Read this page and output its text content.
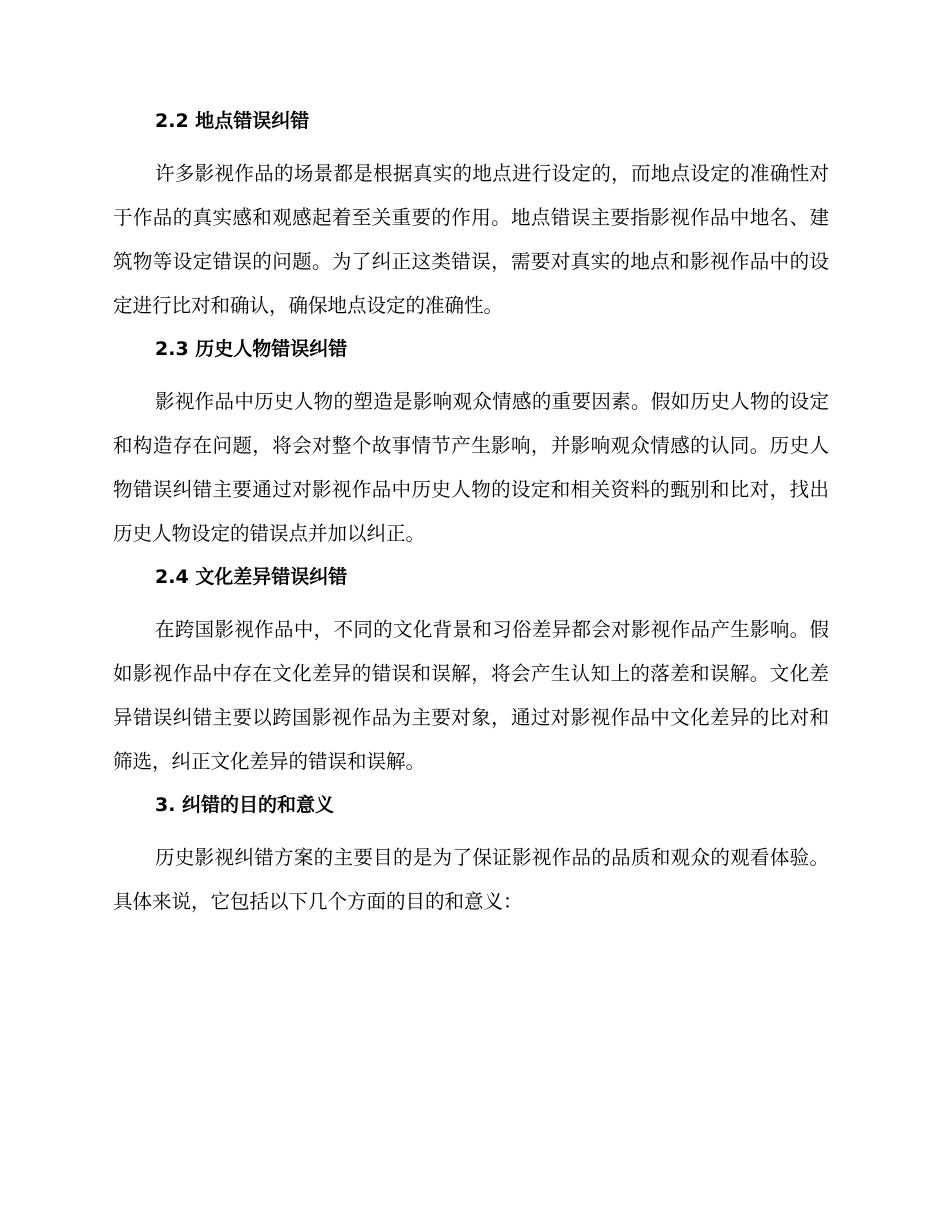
2.2 地点错误纠错

许多影视作品的场景都是根据真实的地点进行设定的，而地点设定的准确性对于作品的真实感和观感起着至关重要的作用。地点错误主要指影视作品中地名、建筑物等设定错误的问题。为了纠正这类错误，需要对真实的地点和影视作品中的设定进行比对和确认，确保地点设定的准确性。

2.3 历史人物错误纠错

影视作品中历史人物的塑造是影响观众情感的重要因素。假如历史人物的设定和构造存在问题，将会对整个故事情节产生影响，并影响观众情感的认同。历史人物错误纠错主要通过对影视作品中历史人物的设定和相关资料的甄别和比对，找出历史人物设定的错误点并加以纠正。

2.4 文化差异错误纠错

在跨国影视作品中，不同的文化背景和习俗差异都会对影视作品产生影响。假如影视作品中存在文化差异的错误和误解，将会产生认知上的落差和误解。文化差异错误纠错主要以跨国影视作品为主要对象，通过对影视作品中文化差异的比对和筛选，纠正文化差异的错误和误解。

3. 纠错的目的和意义

历史影视纠错方案的主要目的是为了保证影视作品的品质和观众的观看体验。具体来说，它包括以下几个方面的目的和意义：
